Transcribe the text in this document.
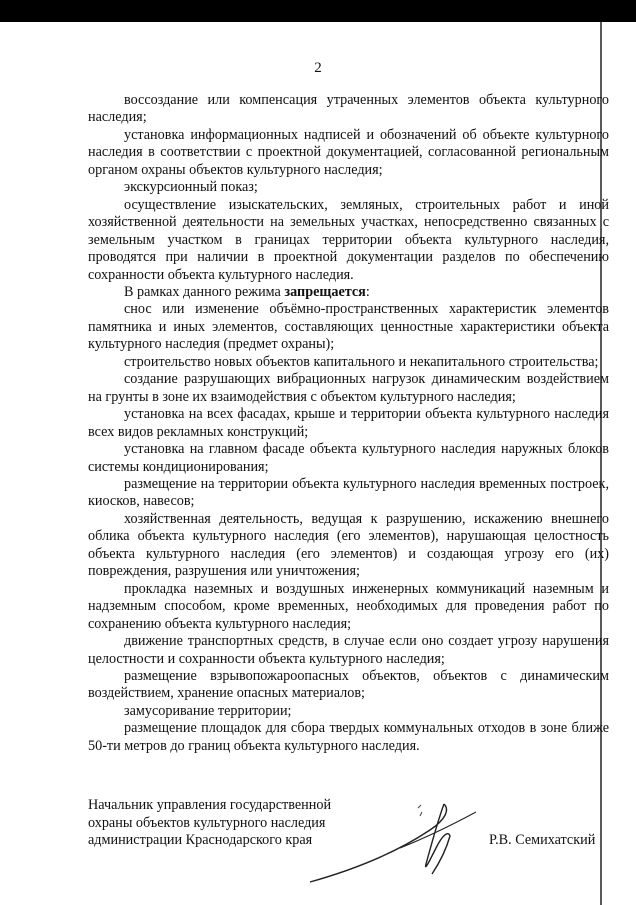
2

воссоздание или компенсация утраченных элементов объекта культурного наследия;

установка информационных надписей и обозначений об объекте культурного наследия в соответствии с проектной документацией, согласованной региональным органом охраны объектов культурного наследия;

экскурсионный показ;

осуществление изыскательских, земляных, строительных работ и иной хозяйственной деятельности на земельных участках, непосредственно связанных с земельным участком в границах территории объекта культурного наследия, проводятся при наличии в проектной документации разделов по обеспечению сохранности объекта культурного наследия.

В рамках данного режима запрещается:

снос или изменение объёмно-пространственных характеристик элементов памятника и иных элементов, составляющих ценностные характеристики объекта культурного наследия (предмет охраны);

строительство новых объектов капитального и некапитального строительства;

создание разрушающих вибрационных нагрузок динамическим воздействием на грунты в зоне их взаимодействия с объектом культурного наследия;

установка на всех фасадах, крыше и территории объекта культурного наследия всех видов рекламных конструкций;

установка на главном фасаде объекта культурного наследия наружных блоков системы кондиционирования;

размещение на территории объекта культурного наследия временных построек, киосков, навесов;

хозяйственная деятельность, ведущая к разрушению, искажению внешнего облика объекта культурного наследия (его элементов), нарушающая целостность объекта культурного наследия (его элементов) и создающая угрозу его (их) повреждения, разрушения или уничтожения;

прокладка наземных и воздушных инженерных коммуникаций наземным и надземным способом, кроме временных, необходимых для проведения работ по сохранению объекта культурного наследия;

движение транспортных средств, в случае если оно создает угрозу нарушения целостности и сохранности объекта культурного наследия;

размещение взрывопожароопасных объектов, объектов с динамическим воздействием, хранение опасных материалов;

замусоривание территории;

размещение площадок для сбора твердых коммунальных отходов в зоне ближе 50-ти метров до границ объекта культурного наследия.

Начальник управления государственной
охраны объектов культурного наследия
администрации Краснодарского края	Р.В. Семихатский
